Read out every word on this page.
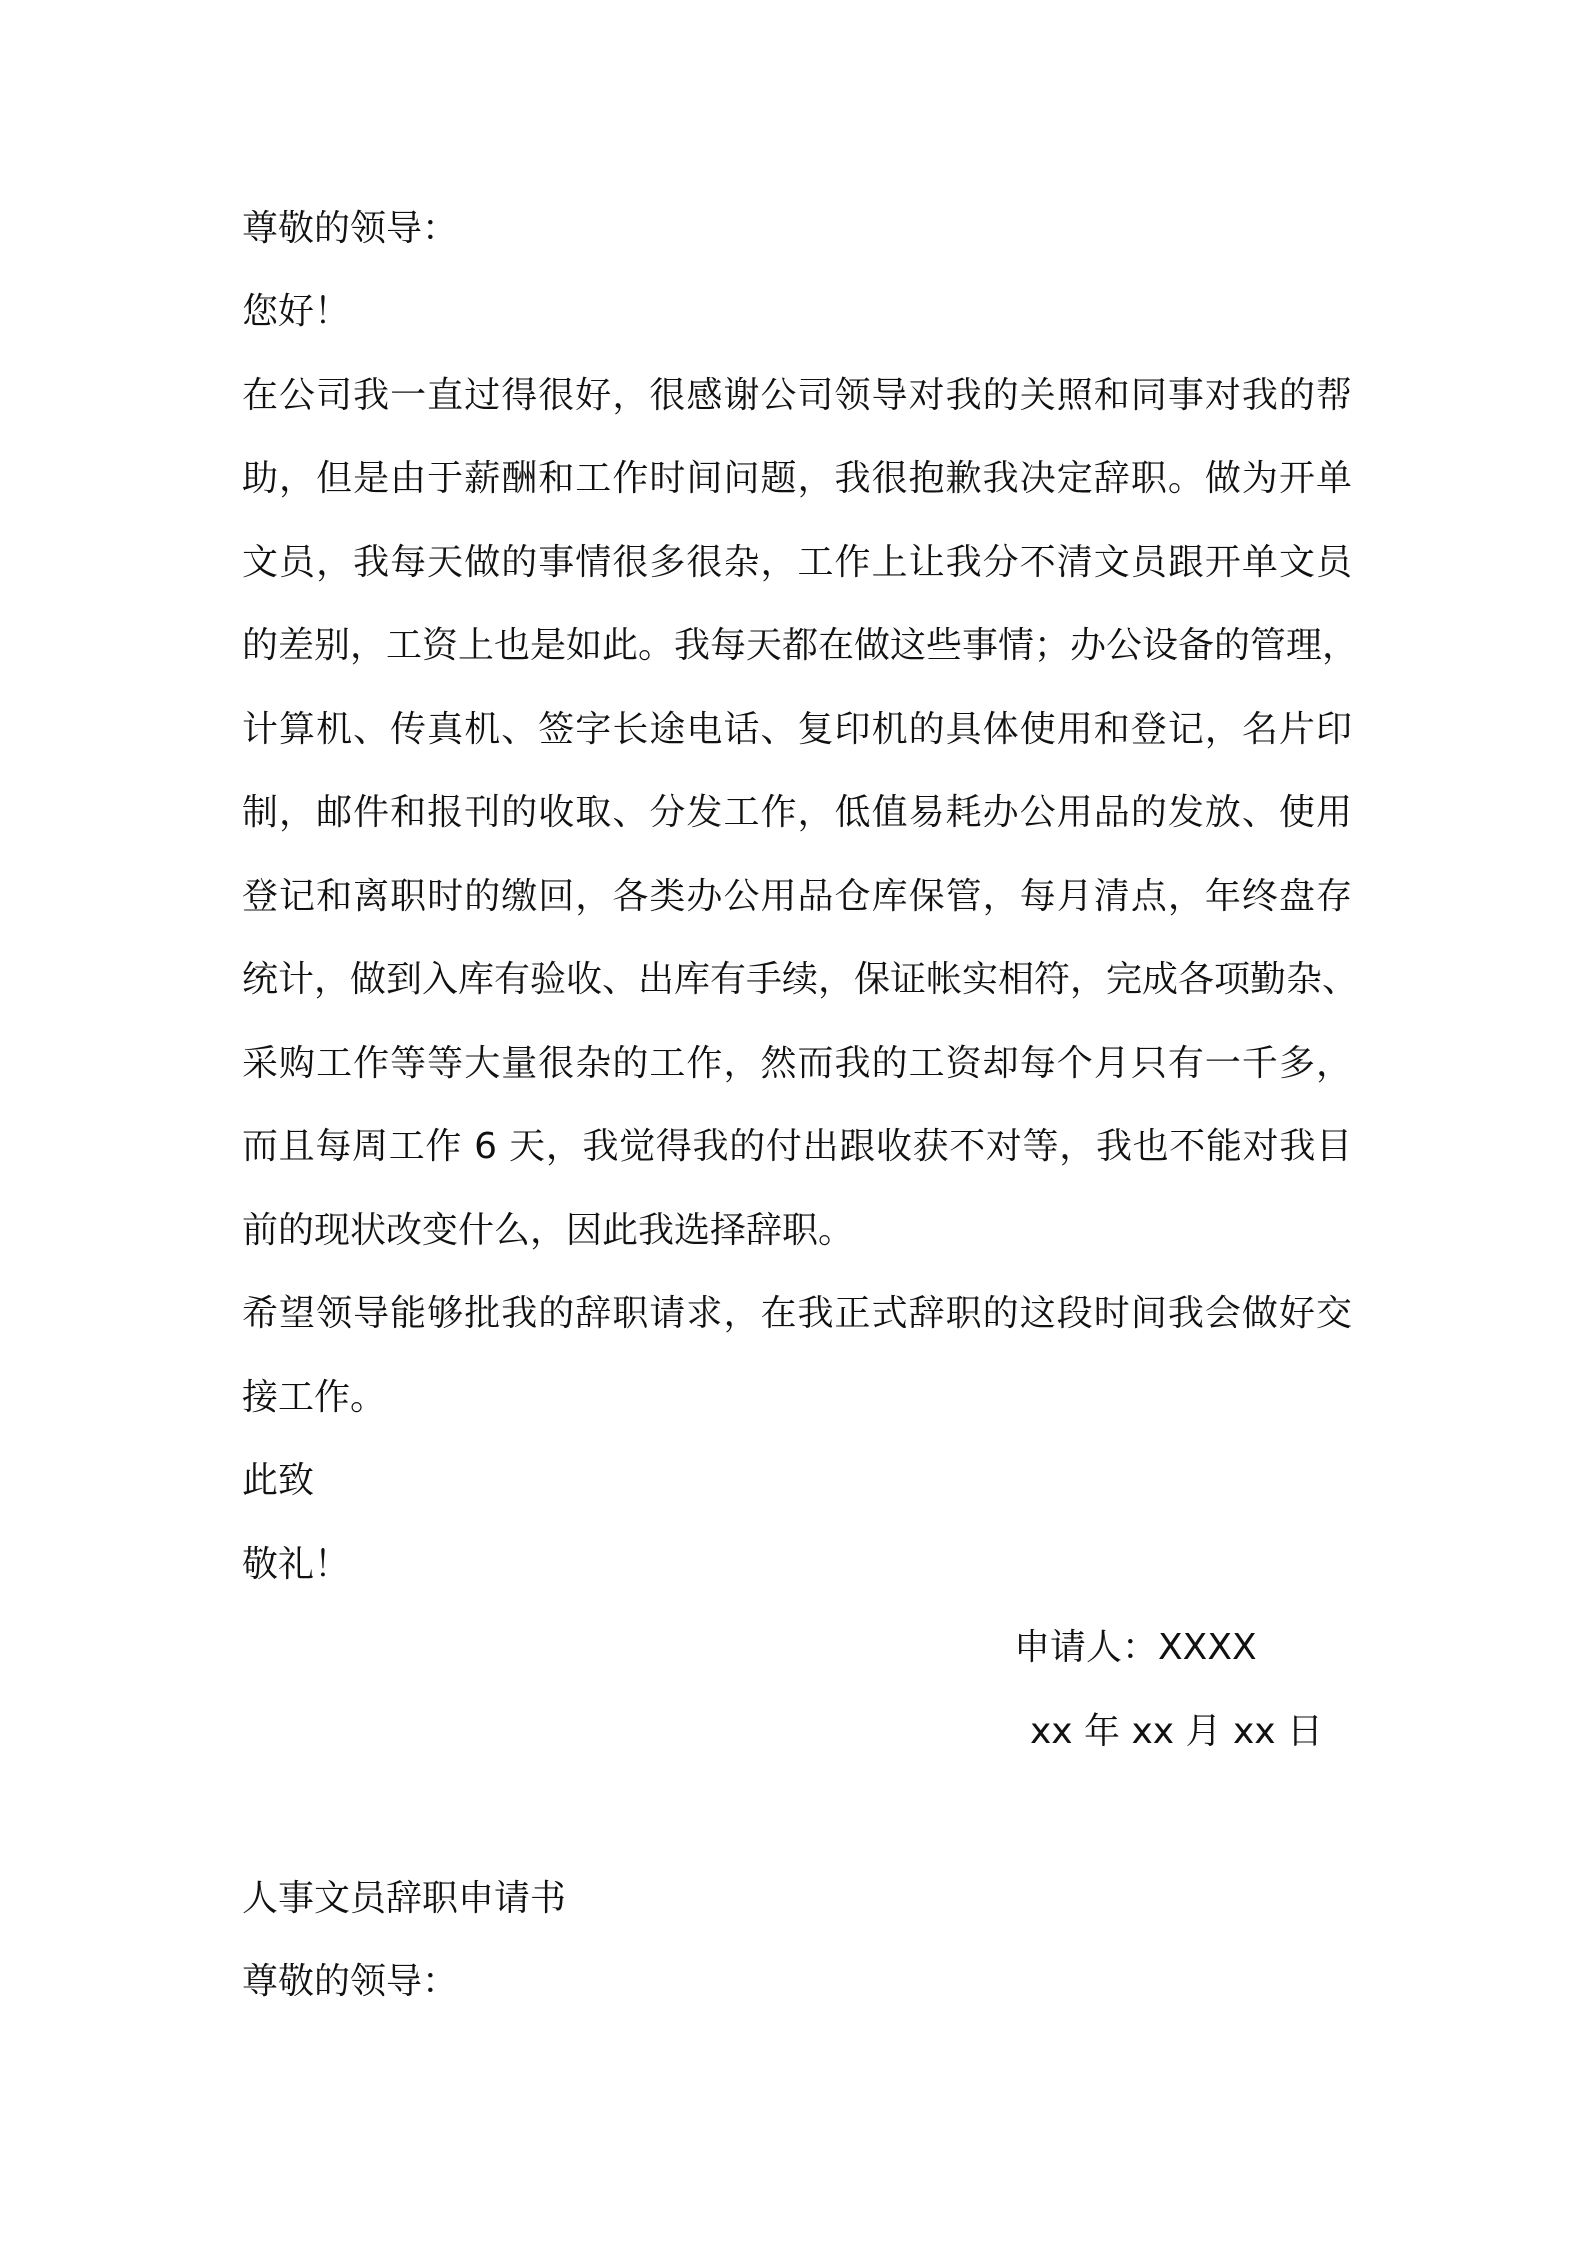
尊敬的领导：

您好！

在公司我一直过得很好，很感谢公司领导对我的关照和同事对我的帮

助，但是由于薪酬和工作时间问题，我很抱歉我决定辞职。做为开单

文员，我每天做的事情很多很杂，工作上让我分不清文员跟开单文员

的差别，工资上也是如此。我每天都在做这些事情；办公设备的管理，

计算机、传真机、签字长途电话、复印机的具体使用和登记，名片印

制，邮件和报刊的收取、分发工作，低值易耗办公用品的发放、使用

登记和离职时的缴回，各类办公用品仓库保管，每月清点，年终盘存

统计，做到入库有验收、出库有手续，保证帐实相符，完成各项勤杂、

采购工作等等大量很杂的工作，然而我的工资却每个月只有一千多，

而且每周工作 6 天，我觉得我的付出跟收获不对等，我也不能对我目

前的现状改变什么，因此我选择辞职。

希望领导能够批我的辞职请求，在我正式辞职的这段时间我会做好交

接工作。

此致

敬礼！

申请人：XXXX

xx 年 xx 月 xx 日

人事文员辞职申请书

尊敬的领导：
